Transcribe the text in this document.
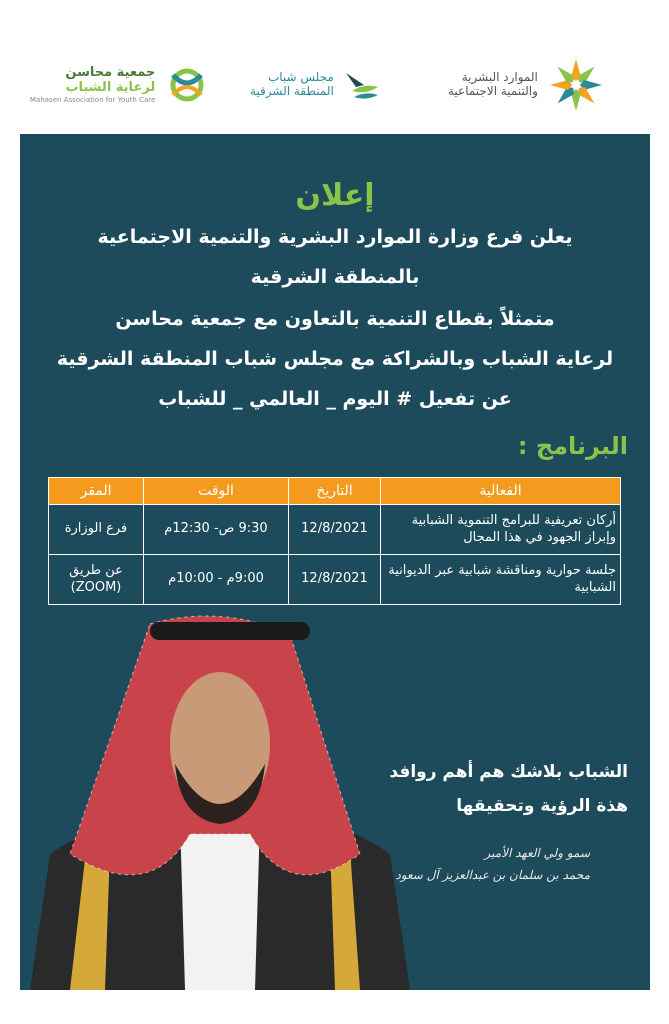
الموارد البشرية
والتنمية الاجتماعية
مجلس شباب
المنطقة الشرقية
جمعية محاسن
لرعاية الشباب
Mahasen Association for Youth Care
إعلان
يعلن فرع وزارة الموارد البشرية والتنمية الاجتماعية
بالمنطقة الشرقية
متمثلاً بقطاع التنمية بالتعاون مع جمعية محاسن
لرعاية الشباب وبالشراكة مع مجلس شباب المنطقة الشرقية
عن تفعيل # اليوم _ العالمي _ للشباب
البرنامج :
الفعالية	التاريخ	الوقت	المقر
أركان تعريفية للبرامج التنموية الشبابية وإبراز الجهود في هذا المجال	12/8/2021	9:30 ص- 12:30م	فرع الوزارة
جلسة حوارية ومناقشة شبابية عبر الديوانية الشبابية	12/8/2021	9:00م - 10:00م	عن طريق (ZOOM)
الشباب بلاشك هم أهم روافد
هذة الرؤية وتحقيقها
سمو ولي العهد الأمير
محمد بن سلمان بن عبدالعزيز آل سعود
